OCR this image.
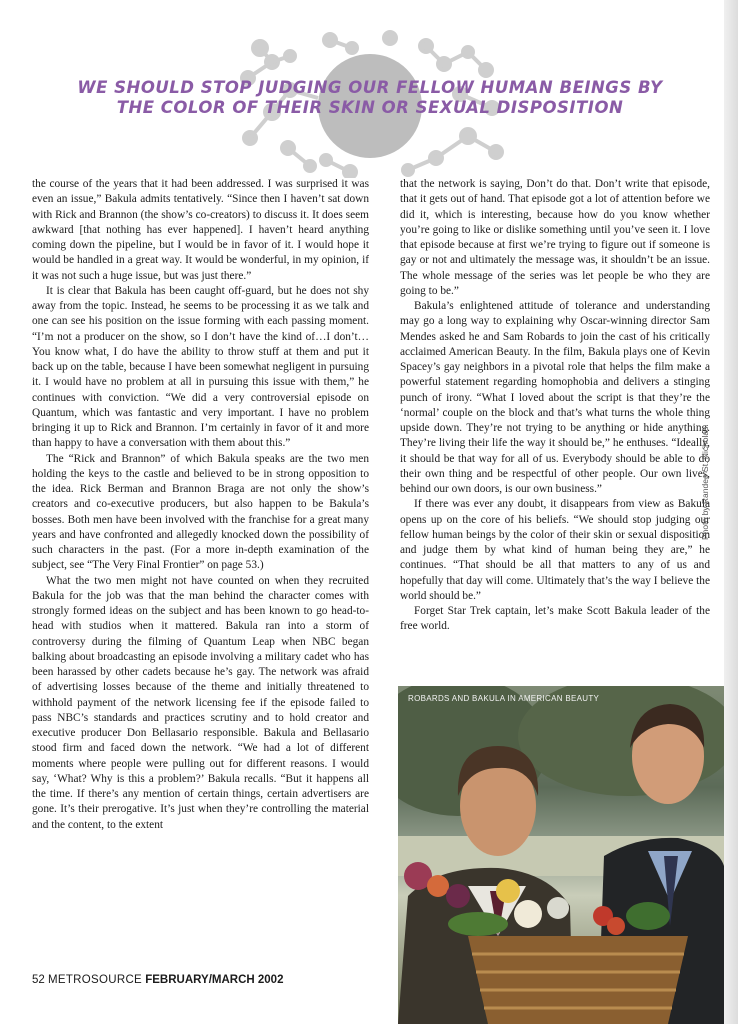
WE SHOULD STOP JUDGING OUR FELLOW HUMAN BEINGS BY
THE COLOR OF THEIR SKIN OR SEXUAL DISPOSITION

the course of the years that it had been addressed. I was surprised it was even an issue,” Bakula admits tentatively. “Since then I haven’t sat down with Rick and Brannon (the show’s co-creators) to discuss it. It does seem awkward [that nothing has ever happened]. I haven’t heard anything coming down the pipeline, but I would be in favor of it. I would hope it would be handled in a great way. It would be wonderful, in my opinion, if it was not such a huge issue, but was just there.”

It is clear that Bakula has been caught off-guard, but he does not shy away from the topic. Instead, he seems to be processing it as we talk and one can see his position on the issue forming with each passing moment. “I’m not a producer on the show, so I don’t have the kind of…I don’t…You know what, I do have the ability to throw stuff at them and put it back up on the table, because I have been somewhat negligent in pursuing it. I would have no problem at all in pursuing this issue with them,” he continues with conviction. “We did a very controversial episode on Quantum, which was fantastic and very important. I have no problem bringing it up to Rick and Brannon. I’m certainly in favor of it and more than happy to have a conversation with them about this.”

The “Rick and Brannon” of which Bakula speaks are the two men holding the keys to the castle and believed to be in strong opposition to the idea. Rick Berman and Brannon Braga are not only the show’s creators and co-executive producers, but also happen to be Bakula’s bosses. Both men have been involved with the franchise for a great many years and have confronted and allegedly knocked down the possibility of such characters in the past. (For a more in-depth examination of the subject, see “The Very Final Frontier” on page 53.)

What the two men might not have counted on when they recruited Bakula for the job was that the man behind the character comes with strongly formed ideas on the subject and has been known to go head-to-head with studios when it mattered. Bakula ran into a storm of controversy during the filming of Quantum Leap when NBC began balking about broadcasting an episode involving a military cadet who has been harassed by other cadets because he’s gay. The network was afraid of advertising losses because of the theme and initially threatened to withhold payment of the network licensing fee if the episode failed to pass NBC’s standards and practices scrutiny and to hold creator and executive producer Don Bellasario responsible. Bakula and Bellasario stood firm and faced down the network. “We had a lot of different moments where people were pulling out for different reasons. I would say, ‘What? Why is this a problem?’ Bakula recalls. “But it happens all the time. If there’s any mention of certain things, certain advertisers are gone. It’s their prerogative. It’s just when they’re controlling the material and the content, to the extent

that the network is saying, Don’t do that. Don’t write that episode, that it gets out of hand. That episode got a lot of attention before we did it, which is interesting, because how do you know whether you’re going to like or dislike something until you’ve seen it. I love that episode because at first we’re trying to figure out if someone is gay or not and ultimately the message was, it shouldn’t be an issue. The whole message of the series was let people be who they are going to be.”

Bakula’s enlightened attitude of tolerance and understanding may go a long way to explaining why Oscar-winning director Sam Mendes asked he and Sam Robards to join the cast of his critically acclaimed American Beauty. In the film, Bakula plays one of Kevin Spacey’s gay neighbors in a pivotal role that helps the film make a powerful statement regarding homophobia and delivers a stinging punch of irony. “What I loved about the script is that they’re the ‘normal’ couple on the block and that’s what turns the whole thing upside down. They’re not trying to be anything or hide anything. They’re living their life the way it should be,” he enthuses. “Ideally, it should be that way for all of us. Everybody should be able to do their own thing and be respectful of other people. Our own lives, behind our own doors, is our own business.”

If there was ever any doubt, it disappears from view as Bakula opens up on the core of his beliefs. “We should stop judging our fellow human beings by the color of their skin or sexual disposition and judge them by what kind of human being they are,” he continues. “That should be all that matters to any of us and hopefully that day will come. Ultimately that’s the way I believe the world should be.”

Forget Star Trek captain, let’s make Scott Bakula leader of the free world.

Photo by Randee St. Nicholas.
ROBARDS AND BAKULA IN AMERICAN BEAUTY

52 METROSOURCE FEBRUARY/MARCH 2002
